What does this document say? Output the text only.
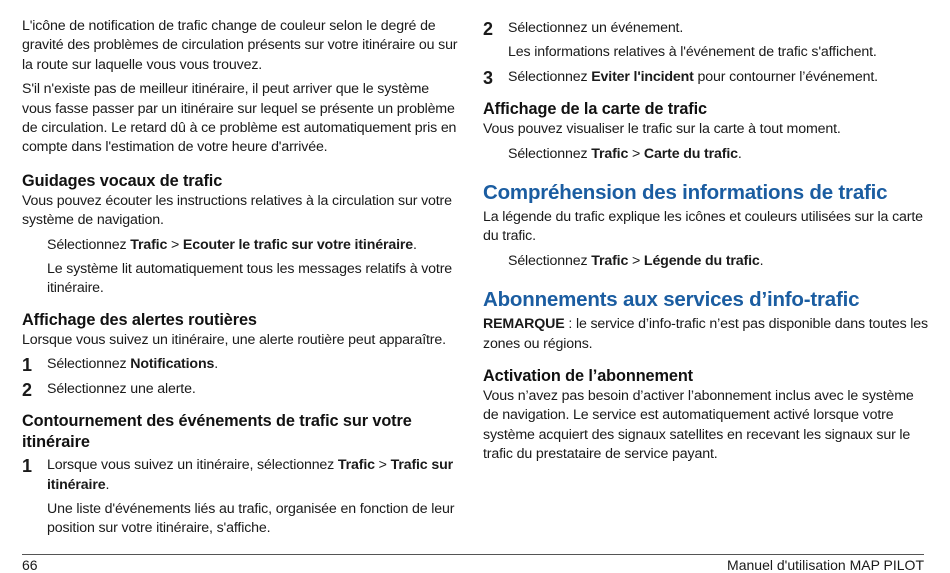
L'icône de notification de trafic change de couleur selon le degré de gravité des problèmes de circulation présents sur votre itinéraire ou sur la route sur laquelle vous vous trouvez.

S'il n'existe pas de meilleur itinéraire, il peut arriver que le système vous fasse passer par un itinéraire sur lequel se présente un problème de circulation. Le retard dû à ce problème est automatiquement pris en compte dans l'estimation de votre heure d'arrivée.

Guidages vocaux de trafic

Vous pouvez écouter les instructions relatives à la circulation sur votre système de navigation.

Sélectionnez Trafic > Ecouter le trafic sur votre itinéraire.

Le système lit automatiquement tous les messages relatifs à votre itinéraire.

Affichage des alertes routières

Lorsque vous suivez un itinéraire, une alerte routière peut apparaître.

1 Sélectionnez Notifications.

2 Sélectionnez une alerte.

Contournement des événements de trafic sur votre itinéraire
1 Lorsque vous suivez un itinéraire, sélectionnez Trafic > Trafic sur itinéraire.

Une liste d'événements liés au trafic, organisée en fonction de leur position sur votre itinéraire, s'affiche.

2 Sélectionnez un événement.

Les informations relatives à l'événement de trafic s'affichent.

3 Sélectionnez Eviter l'incident pour contourner l’événement.

Affichage de la carte de trafic

Vous pouvez visualiser le trafic sur la carte à tout moment.

Sélectionnez Trafic > Carte du trafic.

Compréhension des informations de trafic

La légende du trafic explique les icônes et couleurs utilisées sur la carte du trafic.

Sélectionnez Trafic > Légende du trafic.

Abonnements aux services d’info-trafic

REMARQUE : le service d’info-trafic n’est pas disponible dans toutes les zones ou régions.

Activation de l’abonnement

Vous n’avez pas besoin d’activer l’abonnement inclus avec le système de navigation. Le service est automatiquement activé lorsque votre système acquiert des signaux satellites en recevant les signaux sur le trafic du prestataire de service payant.

66	Manuel d'utilisation MAP PILOT
